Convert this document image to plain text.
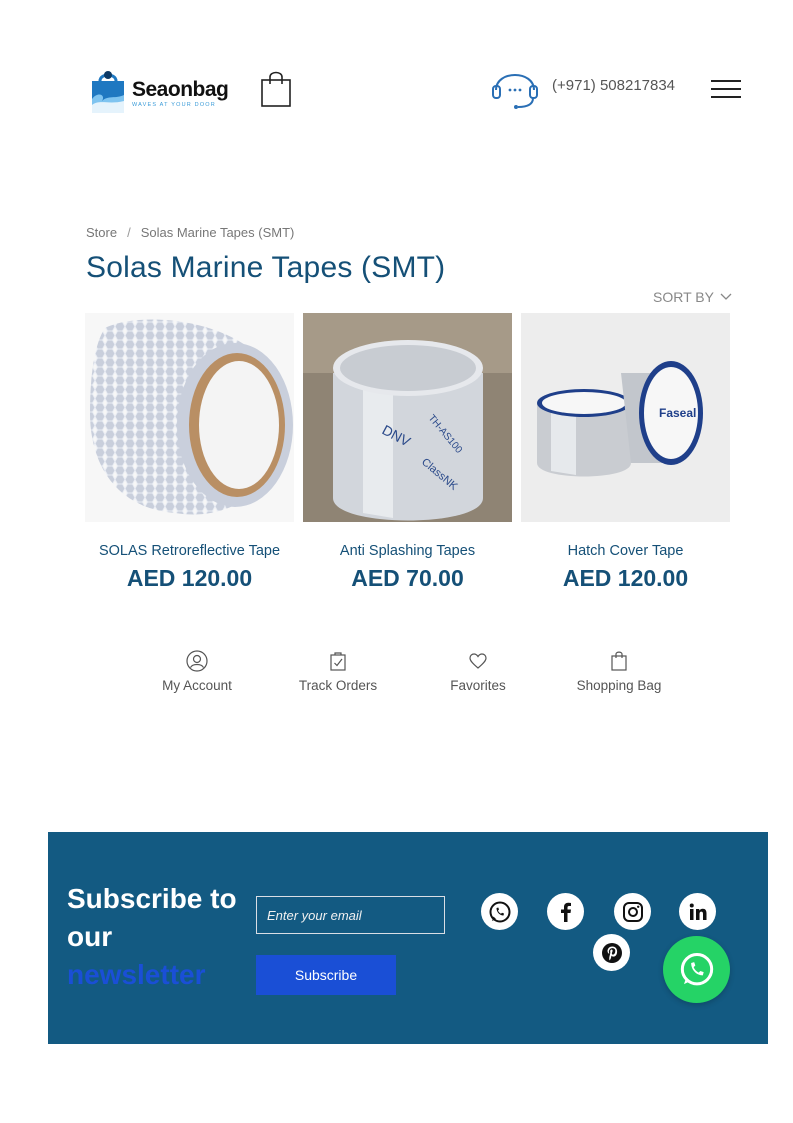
Seaonbag
WAVES AT YOUR DOOR
(+971) 508217834
Store / Solas Marine Tapes (SMT)
Solas Marine Tapes (SMT)
SORT BY
SOLAS Retroreflective Tape
AED 120.00
DNV TH-AS100
ClassNK
Anti Splashing Tapes
AED 70.00
Faseal
Hatch Cover Tape
AED 120.00
My Account	Track Orders	Favorites	Shopping Bag
Subscribe to our
newsletter
Enter your email	Subscribe
